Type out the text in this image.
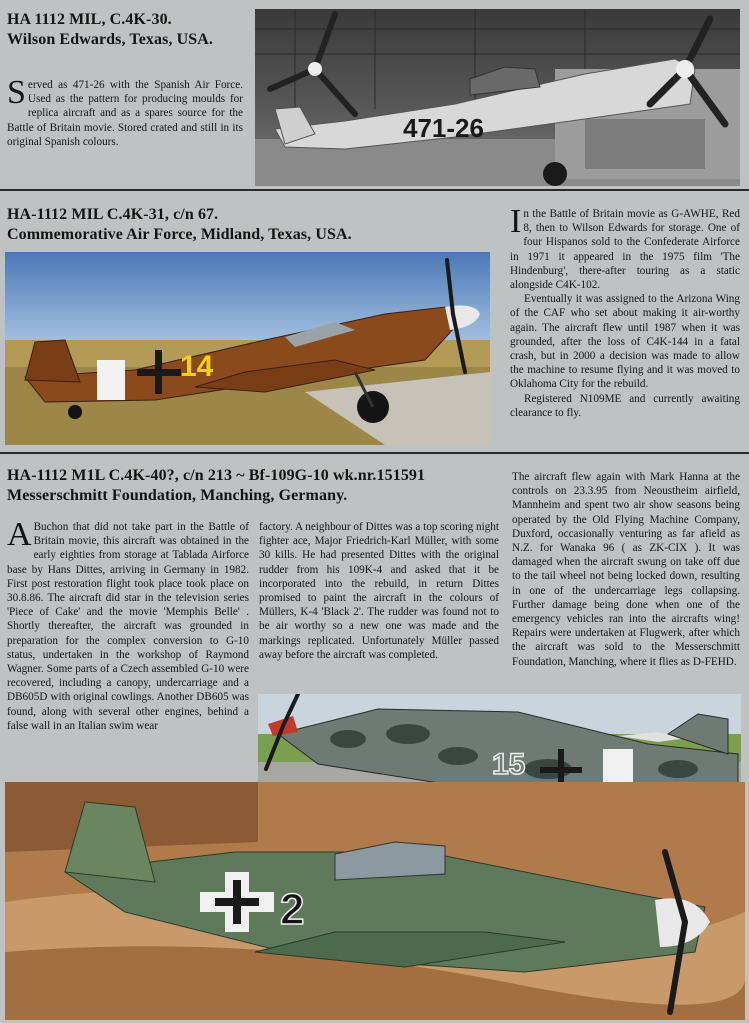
HA 1112 MIL, C.4K-30.
Wilson Edwards, Texas, USA.

Served as 471-26 with the Spanish Air Force. Used as the pattern for producing moulds for replica aircraft and as a spares source for the Battle of Britain movie. Stored crated and still in its original Spanish colours.	471-26
HA-1112 MIL C.4K-31, c/n 67.
Commemorative Air Force, Midland, Texas, USA.
14

In the Battle of Britain movie as G-AWHE, Red 8, then to Wilson Edwards for storage. One of four Hispanos sold to the Confederate Airforce in 1971 it appeared in the 1975 film 'The Hindenburg', there-after touring as a static alongside C4K-102.

Eventually it was assigned to the Arizona Wing of the CAF who set about making it air-worthy again. The aircraft flew until 1987 when it was grounded, after the loss of C4K-144 in a fatal crash, but in 2000 a decision was made to allow the machine to resume flying and it was moved to Oklahoma City for the rebuild.

Registered N109ME and currently awaiting clearance to fly.

HA-1112 M1L C.4K-40?, c/n 213 ~ Bf-109G-10 wk.nr.151591
Messerschmitt Foundation, Manching, Germany.

ABuchon that did not take part in the Battle of Britain movie, this aircraft was obtained in the early eighties from storage at Tablada Airforce base by Hans Dittes, arriving in Germany in 1982. First post restoration flight took place took place on 30.8.86. The aircraft did star in the television series 'Piece of Cake' and the movie 'Memphis Belle' . Shortly thereafter, the aircraft was grounded in preparation for the complex conversion to G-10 status, undertaken in the workshop of Raymond Wagner. Some parts of a Czech assembled G-10 were recovered, including a canopy, undercarriage and a DB605D with original cowlings. Another DB605 was found, along with several other engines, behind a false wall in an Italian swim wear

factory. A neighbour of Dittes was a top scoring night fighter ace, Major Friedrich-Karl Müller, with some 30 kills. He had presented Dittes with the original rudder from his 109K-4 and asked that it be incorporated into the rebuild, in return Dittes promised to paint the aircraft in the colours of Müllers, K-4 'Black 2'. The rudder was found not to be air worthy so a new one was made and the markings replicated. Unfortunately Müller passed away before the aircraft was completed.

The aircraft flew again with Mark Hanna at the controls on 23.3.95 from Neoustheim airfield, Mannheim and spent two air show seasons being operated by the Old Flying Machine Company, Duxford, occasionally venturing as far afield as N.Z. for Wanaka 96 ( as ZK-CIX ). It was damaged when the aircraft swung on take off due to the tail wheel not being locked down, resulting in one of the undercarriage legs collapsing. Further damage being done when one of the emergency vehicles ran into the aircrafts wing! Repairs were undertaken at Flugwerk, after which the aircraft was sold to the Messerschmitt Foundation, Manching, where it flies as D-FEHD.

15
2
